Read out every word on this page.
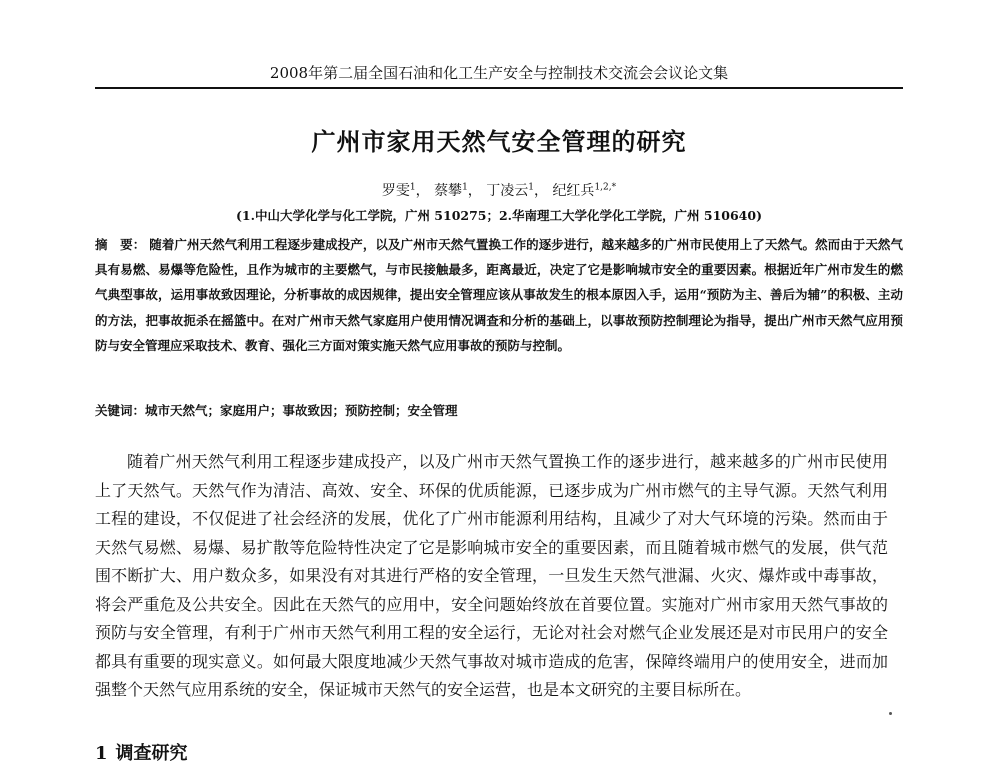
2008年第二届全国石油和化工生产安全与控制技术交流会会议论文集
广州市家用天然气安全管理的研究
罗雯$^1$， 蔡攀$^1$， 丁凌云$^1$， 纪红兵$^{1,2,*}$
(1.中山大学化学与化工学院，广州 510275；2.华南理工大学化学化工学院，广州 510640)
摘　要： 随着广州天然气利用工程逐步建成投产，以及广州市天然气置换工作的逐步进行，越来越多的广州市民使用上了天然气。然而由于天然气具有易燃、易爆等危险性，且作为城市的主要燃气，与市民接触最多，距离最近，决定了它是影响城市安全的重要因素。根据近年广州市发生的燃气典型事故，运用事故致因理论，分析事故的成因规律，提出安全管理应该从事故发生的根本原因入手，运用“预防为主、善后为辅”的积极、主动的方法，把事故扼杀在摇篮中。在对广州市天然气家庭用户使用情况调查和分析的基础上，以事故预防控制理论为指导，提出广州市天然气应用预防与安全管理应采取技术、教育、强化三方面对策实施天然气应用事故的预防与控制。
关键词：城市天然气；家庭用户；事故致因；预防控制；安全管理
随着广州天然气利用工程逐步建成投产，以及广州市天然气置换工作的逐步进行，越来越多的广州市民使用上了天然气。天然气作为清洁、高效、安全、环保的优质能源，已逐步成为广州市燃气的主导气源。天然气利用工程的建设，不仅促进了社会经济的发展，优化了广州市能源利用结构，且减少了对大气环境的污染。然而由于天然气易燃、易爆、易扩散等危险特性决定了它是影响城市安全的重要因素，而且随着城市燃气的发展，供气范围不断扩大、用户数众多，如果没有对其进行严格的安全管理，一旦发生天然气泄漏、火灾、爆炸或中毒事故，将会严重危及公共安全。因此在天然气的应用中，安全问题始终放在首要位置。实施对广州市家用天然气事故的预防与安全管理，有利于广州市天然气利用工程的安全运行，无论对社会对燃气企业发展还是对市民用户的安全都具有重要的现实意义。如何最大限度地减少天然气事故对城市造成的危害，保障终端用户的使用安全，进而加强整个天然气应用系统的安全，保证城市天然气的安全运营，也是本文研究的主要目标所在。
1 调查研究
